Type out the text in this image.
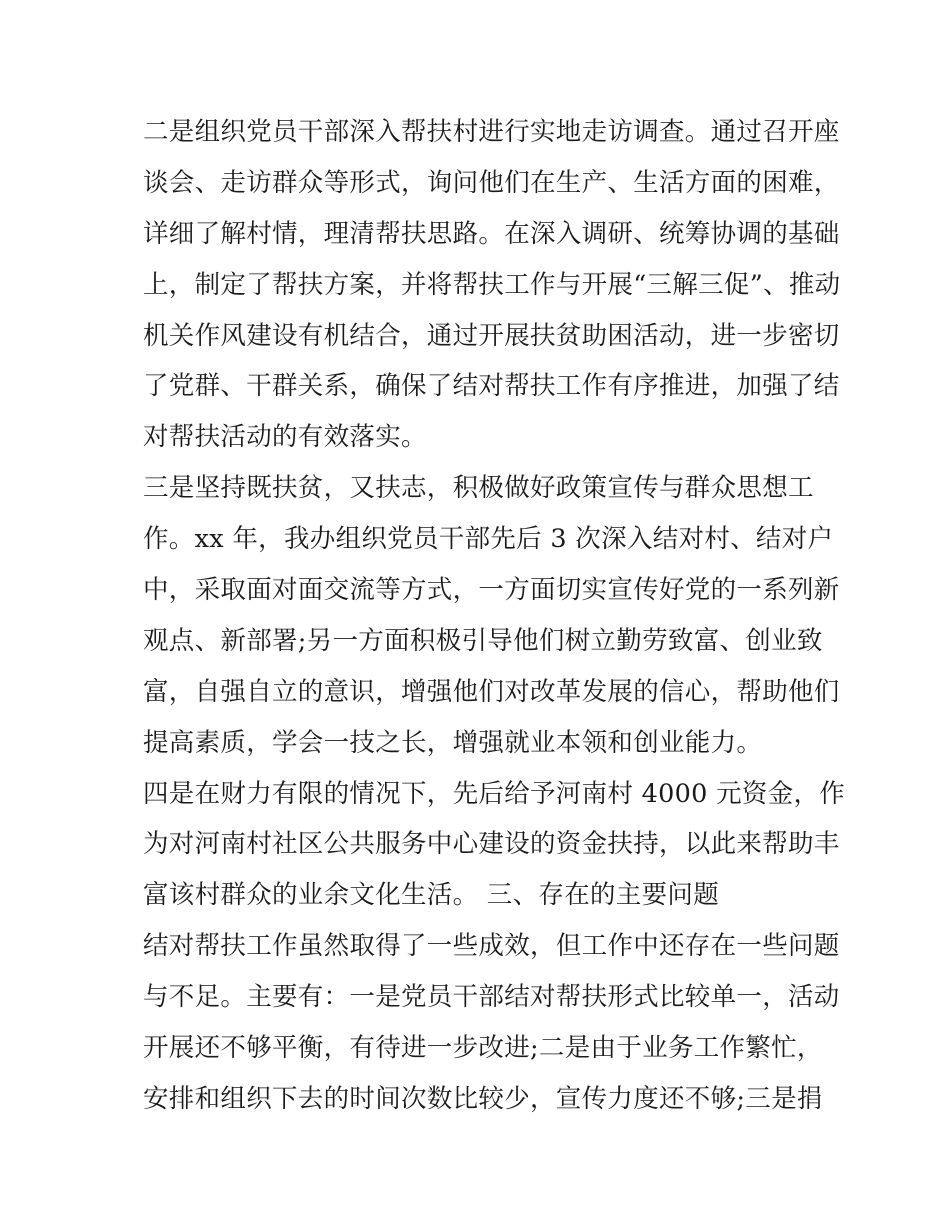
二是组织党员干部深入帮扶村进行实地走访调查。通过召开座
谈会、走访群众等形式，询问他们在生产、生活方面的困难，
详细了解村情，理清帮扶思路。在深入调研、统筹协调的基础
上，制定了帮扶方案，并将帮扶工作与开展“三解三促”、推动
机关作风建设有机结合，通过开展扶贫助困活动，进一步密切
了党群、干群关系，确保了结对帮扶工作有序推进，加强了结
对帮扶活动的有效落实。
三是坚持既扶贫，又扶志，积极做好政策宣传与群众思想工
作。xx 年，我办组织党员干部先后 3 次深入结对村、结对户
中，采取面对面交流等方式，一方面切实宣传好党的一系列新
观点、新部署;另一方面积极引导他们树立勤劳致富、创业致
富，自强自立的意识，增强他们对改革发展的信心，帮助他们
提高素质，学会一技之长，增强就业本领和创业能力。
四是在财力有限的情况下，先后给予河南村 4000 元资金，作
为对河南村社区公共服务中心建设的资金扶持，以此来帮助丰
富该村群众的业余文化生活。 三、存在的主要问题
结对帮扶工作虽然取得了一些成效，但工作中还存在一些问题
与不足。主要有：一是党员干部结对帮扶形式比较单一，活动
开展还不够平衡，有待进一步改进;二是由于业务工作繁忙，
安排和组织下去的时间次数比较少，宣传力度还不够;三是捐
